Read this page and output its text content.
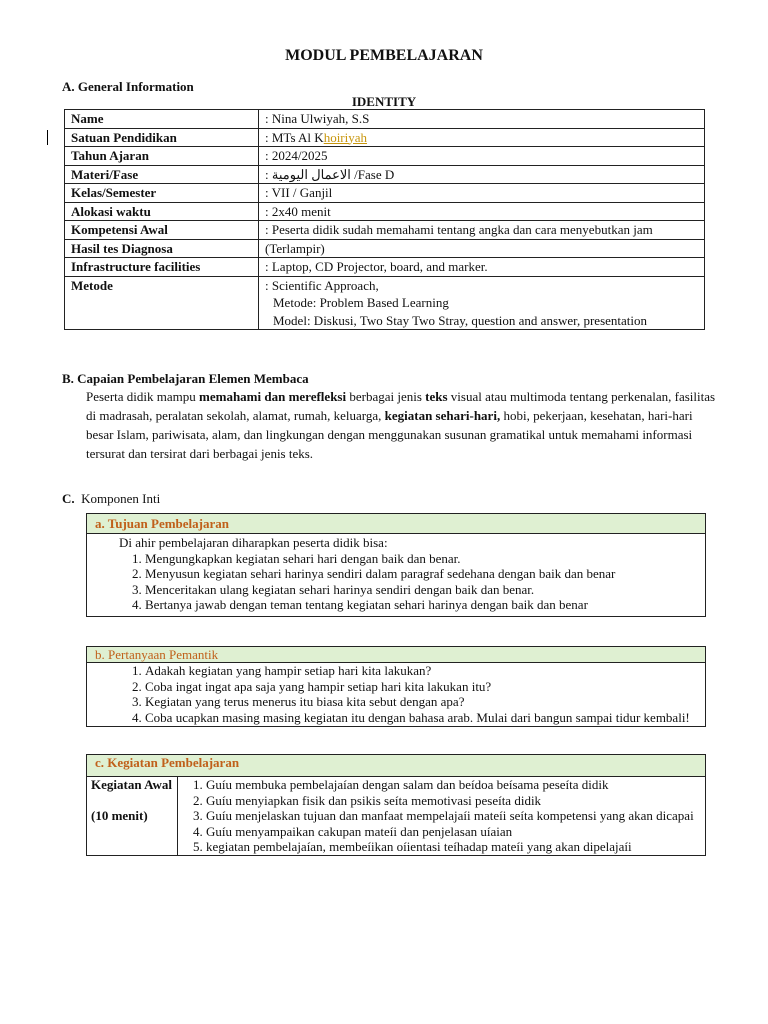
MODUL PEMBELAJARAN
A. General Information
IDENTITY
Name	: Nina Ulwiyah, S.S
Satuan Pendidikan	: MTs Al Khoiriyah
Tahun Ajaran	: 2024/2025
Materi/Fase	: الاعمال اليومية /Fase D
Kelas/Semester	: VII / Ganjil
Alokasi waktu	: 2x40 menit
Kompetensi Awal	: Peserta didik sudah memahami tentang angka dan cara menyebutkan jam
Hasil tes Diagnosa	(Terlampir)
Infrastructure facilities	: Laptop, CD Projector, board, and marker.
Metode	: Scientific Approach,
Metode: Problem Based Learning
Model: Diskusi, Two Stay Two Stray, question and answer, presentation
B. Capaian Pembelajaran Elemen Membaca
Peserta didik mampu memahami dan merefleksi berbagai jenis teks visual atau multimoda tentang perkenalan, fasilitas di madrasah, peralatan sekolah, alamat, rumah, keluarga, kegiatan sehari-hari, hobi, pekerjaan, kesehatan, hari-hari besar Islam, pariwisata, alam, dan lingkungan dengan menggunakan susunan gramatikal untuk memahami informasi tersurat dan tersirat dari berbagai jenis teks.
C. Komponen Inti
a. Tujuan Pembelajaran
Di ahir pembelajaran diharapkan peserta didik bisa:
1. Mengungkapkan kegiatan sehari hari dengan baik dan benar.
2. Menyusun kegiatan sehari harinya sendiri dalam paragraf sedehana dengan baik dan benar
3. Menceritakan ulang kegiatan sehari harinya sendiri dengan baik dan benar.
4. Bertanya jawab dengan teman tentang kegiatan sehari harinya dengan baik dan benar
b. Pertanyaan Pemantik
1. Adakah kegiatan yang hampir setiap hari kita lakukan?
2. Coba ingat ingat apa saja yang hampir setiap hari kita lakukan itu?
3. Kegiatan yang terus menerus itu biasa kita sebut dengan apa?
4. Coba ucapkan masing masing kegiatan itu dengan bahasa arab. Mulai dari bangun sampai tidur kembali!
c. Kegiatan Pembelajaran
Kegiatan Awal
(10 menit)

1. Guíu membuka pembelajaían dengan salam dan beídoa beísama peseíta didik
2. Guíu menyiapkan fisik dan psikis seíta memotivasi peseíta didik
3. Guíu menjelaskan tujuan dan manfaat mempelajaíi mateíi seíta kompetensi yang akan dicapai
4. Guíu menyampaikan cakupan mateíi dan penjelasan uíaian
5. kegiatan pembelajaían, membeíikan oíientasi teíhadap mateíi yang akan dipelajaíi
